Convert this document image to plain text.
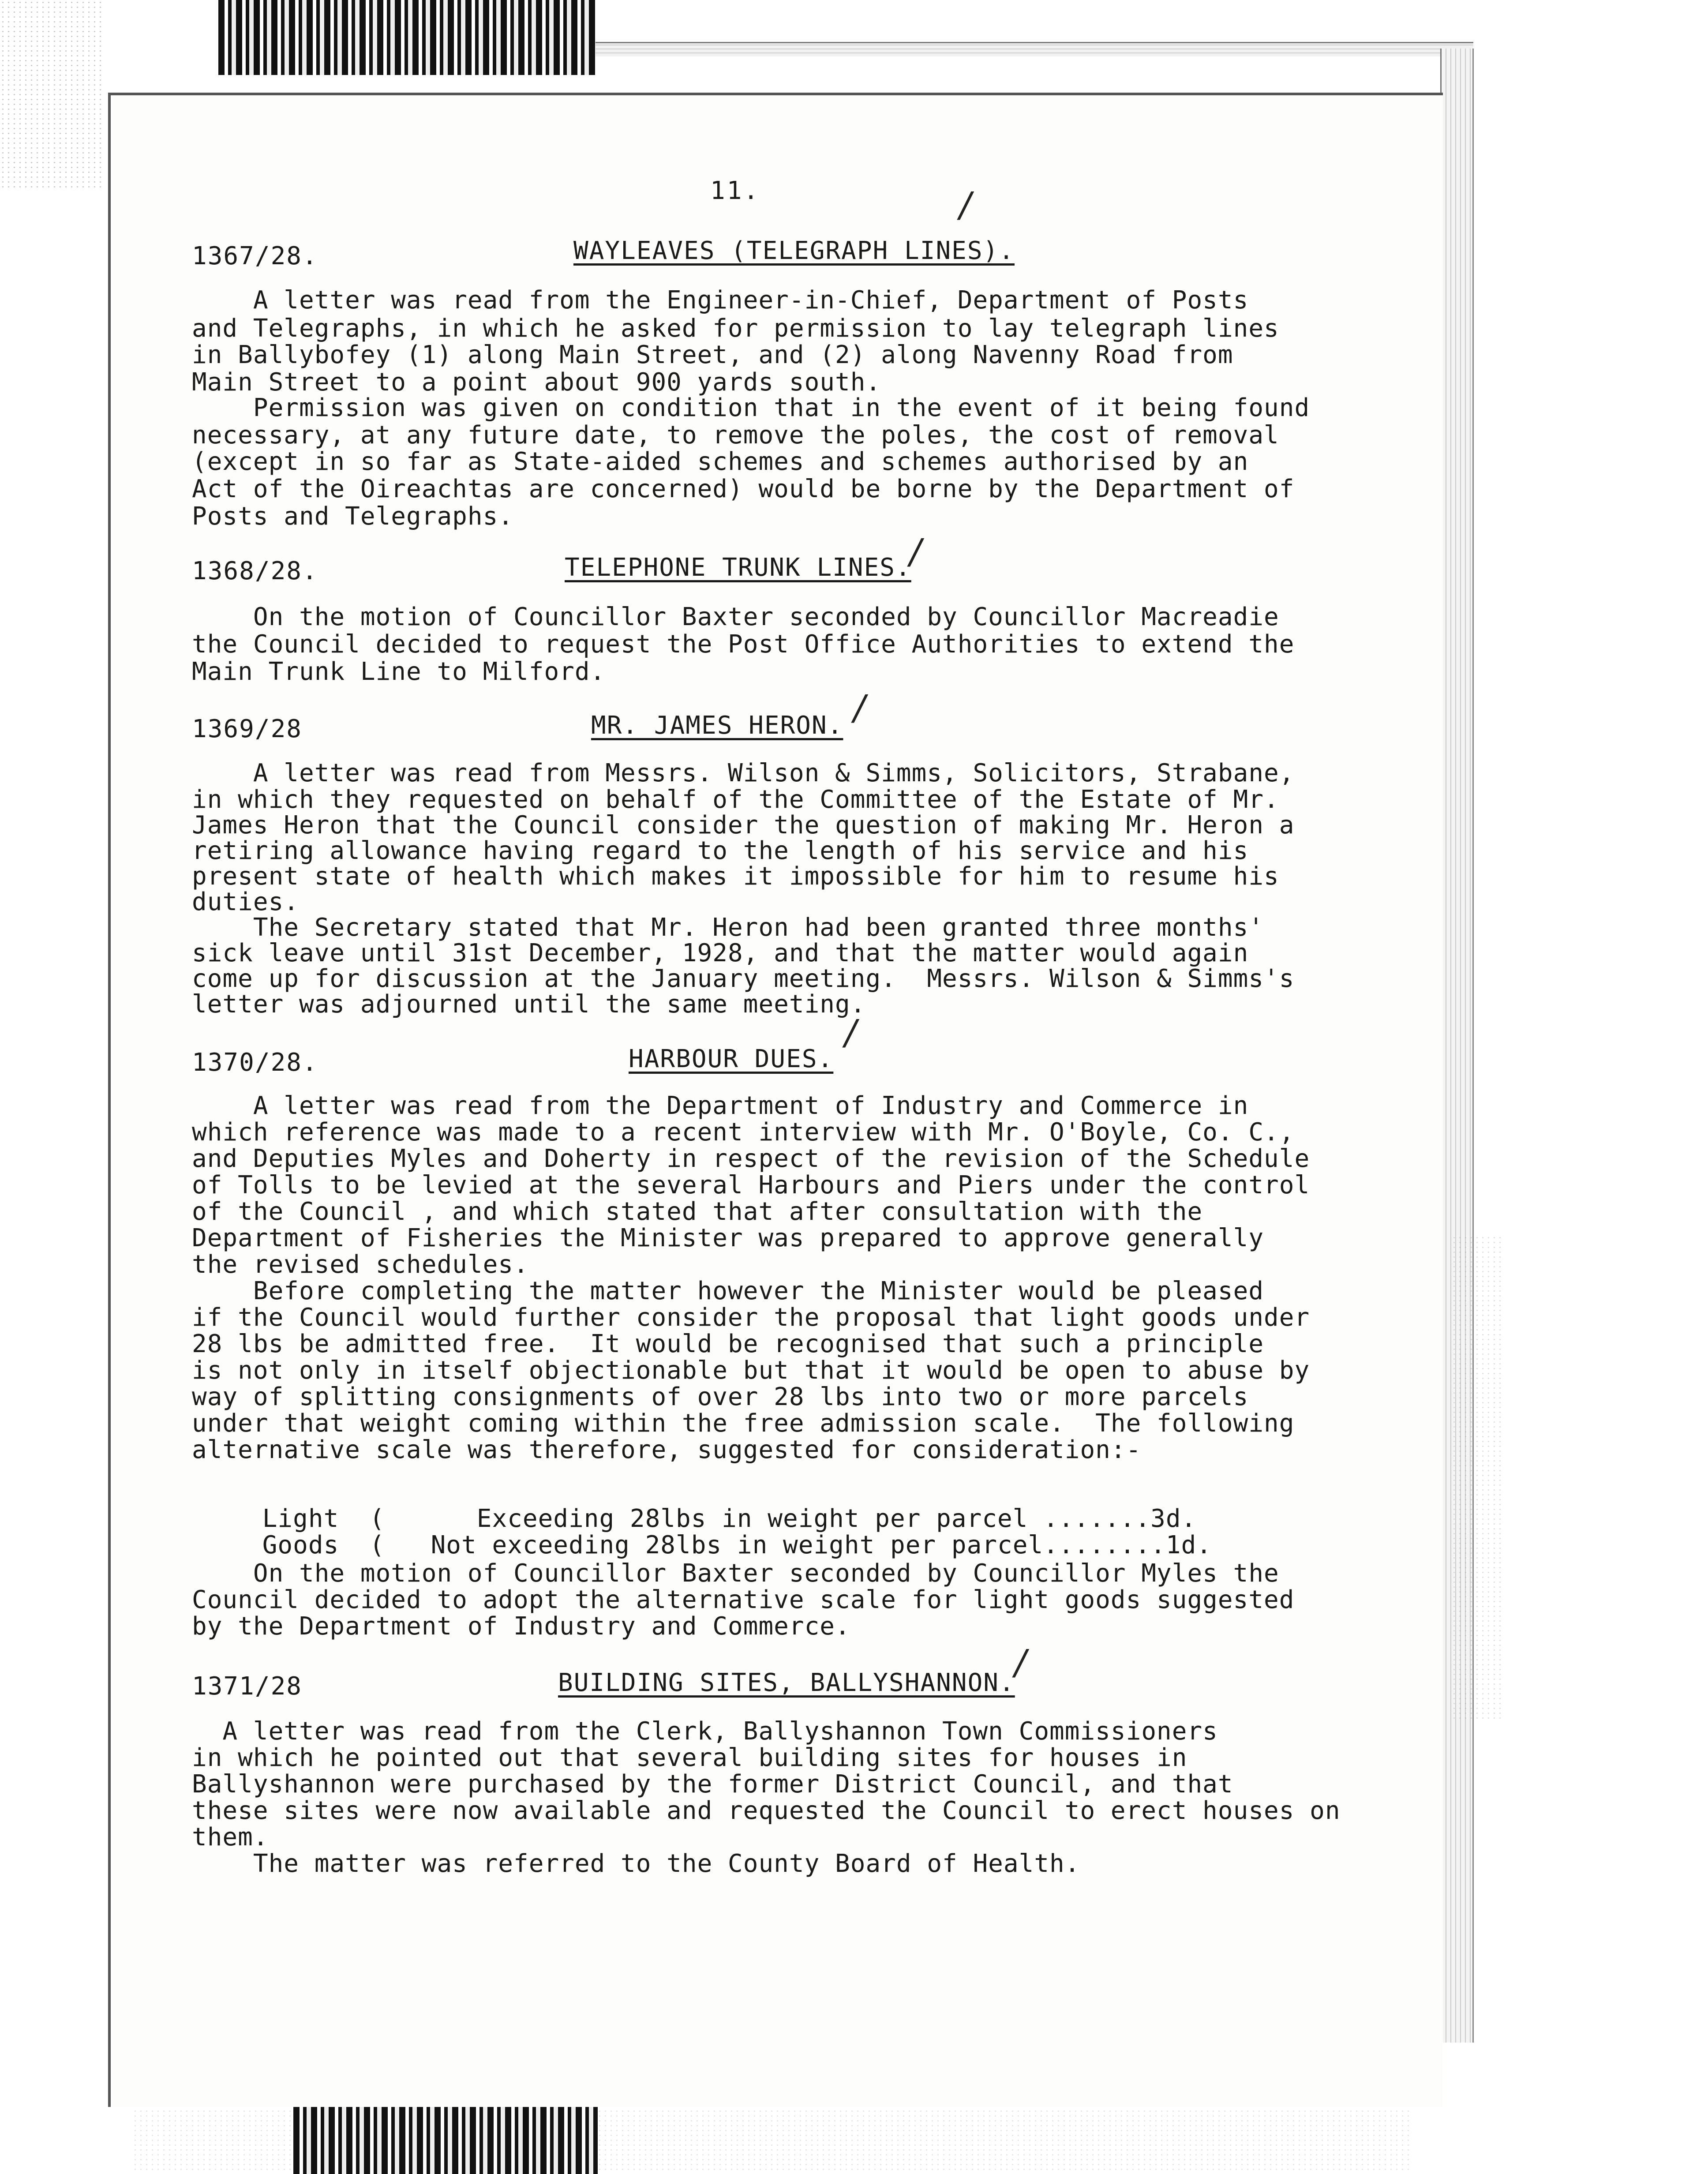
11.	/
1367/28.	WAYLEAVES (TELEGRAPH LINES).
A letter was read from the Engineer-in-Chief, Department of Posts
and Telegraphs, in which he asked for permission to lay telegraph lines
in Ballybofey (1) along Main Street, and (2) along Navenny Road from
Main Street to a point about 900 yards south.
Permission was given on condition that in the event of it being found
necessary, at any future date, to remove the poles, the cost of removal
(except in so far as State-aided schemes and schemes authorised by an
Act of the Oireachtas are concerned) would be borne by the Department of
Posts and Telegraphs.
1368/28.	TELEPHONE TRUNK LINES.
/
On the motion of Councillor Baxter seconded by Councillor Macreadie
the Council decided to request the Post Office Authorities to extend the
Main Trunk Line to Milford.
1369/28	MR. JAMES HERON. /
A letter was read from Messrs. Wilson & Simms, Solicitors, Strabane,
in which they requested on behalf of the Committee of the Estate of Mr.
James Heron that the Council consider the question of making Mr. Heron a
retiring allowance having regard to the length of his service and his
present state of health which makes it impossible for him to resume his
duties.
The Secretary stated that Mr. Heron had been granted three months'
sick leave until 31st December, 1928, and that the matter would again
come up for discussion at the January meeting.  Messrs. Wilson & Simms's
letter was adjourned until the same meeting.
1370/28.	HARBOUR DUES.
/
A letter was read from the Department of Industry and Commerce in
which reference was made to a recent interview with Mr. O'Boyle, Co. C.,
and Deputies Myles and Doherty in respect of the revision of the Schedule
of Tolls to be levied at the several Harbours and Piers under the control
of the Council , and which stated that after consultation with the
Department of Fisheries the Minister was prepared to approve generally
the revised schedules.
Before completing the matter however the Minister would be pleased
if the Council would further consider the proposal that light goods under
28 lbs be admitted free.  It would be recognised that such a principle
is not only in itself objectionable but that it would be open to abuse by
way of splitting consignments of over 28 lbs into two or more parcels
under that weight coming within the free admission scale.  The following
alternative scale was therefore, suggested for consideration:-
Light  (      Exceeding 28lbs in weight per parcel .......3d.
Goods  (   Not exceeding 28lbs in weight per parcel........1d.
On the motion of Councillor Baxter seconded by Councillor Myles the
Council decided to adopt the alternative scale for light goods suggested
by the Department of Industry and Commerce.
1371/28	BUILDING SITES, BALLYSHANNON.
/
A letter was read from the Clerk, Ballyshannon Town Commissioners
in which he pointed out that several building sites for houses in
Ballyshannon were purchased by the former District Council, and that
these sites were now available and requested the Council to erect houses on
them.
The matter was referred to the County Board of Health.
